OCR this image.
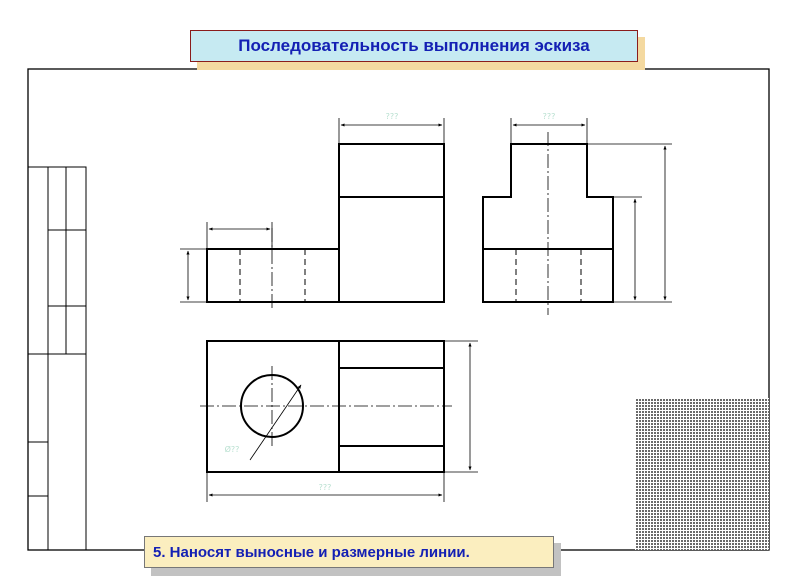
???	???
???
Ø??
Последовательность выполнения эскиза
5. Наносят выносные и размерные линии.
